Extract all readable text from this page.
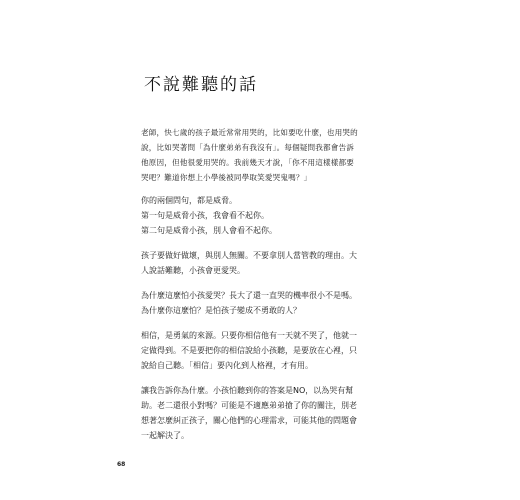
不說難聽的話
老師，快七歲的孩子最近常常用哭的，比如要吃什麼，也用哭的
說，比如哭著問「為什麼弟弟有我沒有」。每個疑問我都會告訴
他原因，但他很愛用哭的。我前幾天才說，「你不用這樣樣都要
哭吧？難道你想上小學後被同學取笑愛哭鬼嗎？」
你的兩個問句，都是威脅。
第一句是威脅小孩，我會看不起你。
第二句是威脅小孩，別人會看不起你。
孩子要做好做壞，與別人無關。不要拿別人當管教的理由。大
人說話難聽，小孩會更愛哭。
為什麼這麼怕小孩愛哭？長大了還一直哭的機率很小不是嗎。
為什麼你這麼怕？是怕孩子變成不勇敢的人？
相信，是勇氣的來源。只要你相信他有一天就不哭了，他就一
定做得到。不是要把你的相信說給小孩聽，是要放在心裡，只
說給自己聽。「相信」要內化到人格裡，才有用。
讓我告訴你為什麼。小孩怕聽到你的答案是NO，以為哭有幫
助。老二還很小對嗎？可能是不適應弟弟搶了你的關注，別老
想著怎麼糾正孩子，關心他們的心理需求，可能其他的問題會
一起解決了。
68
